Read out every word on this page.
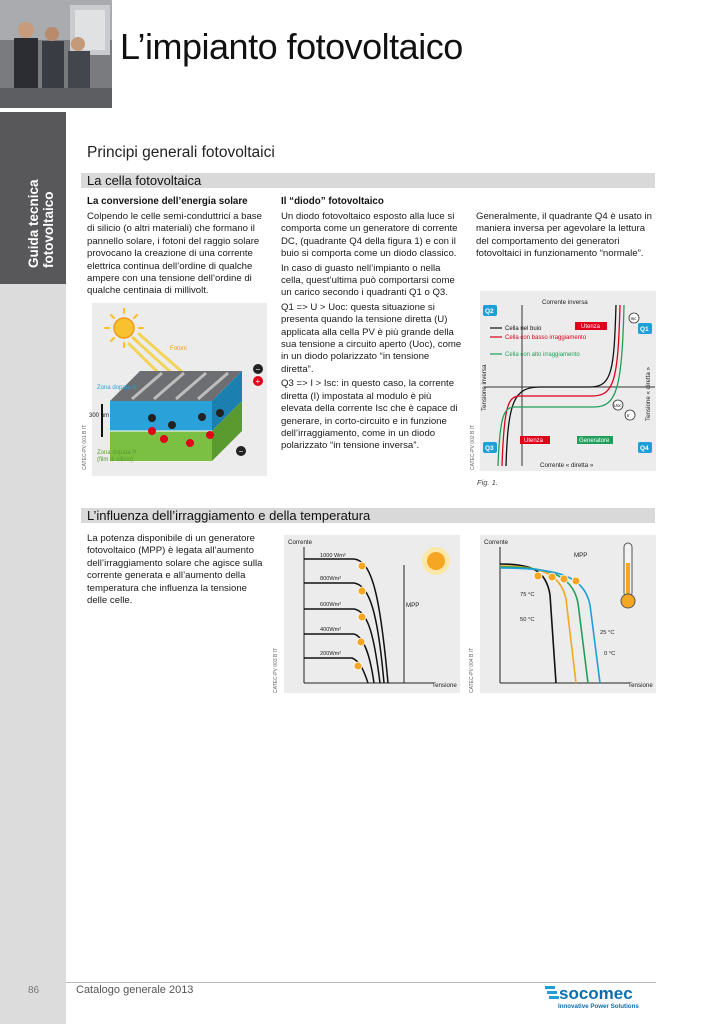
L’impianto fotovoltaico
Guida tecnica fotovoltaico
Principi generali fotovoltaici
La cella fotovoltaica
La conversione dell’energia solare

Colpendo le celle semi-conduttrici a base di silicio (o altri materiali) che formano il pannello solare, i fotoni del raggio solare provocano la creazione di una corrente elettrica continua dell’ordine di qualche ampere con una tensione dell’ordine di qualche centinaia di millivolt.

Il “diodo” fotovoltaico

Un diodo fotovoltaico esposto alla luce si comporta come un generatore di corrente DC, (quadrante Q4 della figura 1) e con il buio si comporta come un diodo classico.

In caso di guasto nell’impianto o nella cella, quest’ultima può comportarsi come un carico secondo i quadranti Q1 o Q3.

Q1 => U > Uoc: questa situazione si presenta quando la tensione diretta (U) applicata alla cella PV è più grande della sua tensione a circuito aperto (Uoc), come in un diodo polarizzato “in tensione diretta”.

Q3 => I > Isc: in questo caso, la corrente diretta (I) impostata al modulo è più elevata della corrente Isc che è capace di generare, in corto-circuito e in funzione dell’irraggiamento, come in un diodo polarizzato “in tensione inversa”.

Generalmente, il quadrante Q4 è usato in maniera inversa per agevolare la lettura del comportamento dei generatori fotovoltaici in funzionamento “normale”.

Fotoni
−
+
−
Zona dopata N
300 µm
Zona dopata P
(film di silicio)
CATEC-PV 001 B IT
Corrente inversa
Corrente « diretta »
Tensione inversa	Tensione « diretta »
Q2
Q1
Q3	Q4
Cella nel buio
Cella con basso irraggiamento
Cella con alto irraggiamento
Utenza
Utenza	Generatore
Isc
Uoc
Ir
CATEC-PV 002 B IT
Fig. 1.
L’influenza dell’irraggiamento e della temperatura

La potenza disponibile di un generatore fotovoltaico (MPP) è legata all’aumento dell’irraggiamento solare che agisce sulla corrente generata e all’aumento della temperatura che influenza la tensione delle celle.

Corrente
Tensione
MPP
1000 Wm²
800Wm²
600Wm²
400Wm²
200Wm²
CATEC-PV 003 B IT
Corrente
Tensione
MPP
75 °C
50 °C
25 °C
0 °C
CATEC-PV 004 B IT
86	Catalogo generale 2013	socomec
Innovative Power Solutions
